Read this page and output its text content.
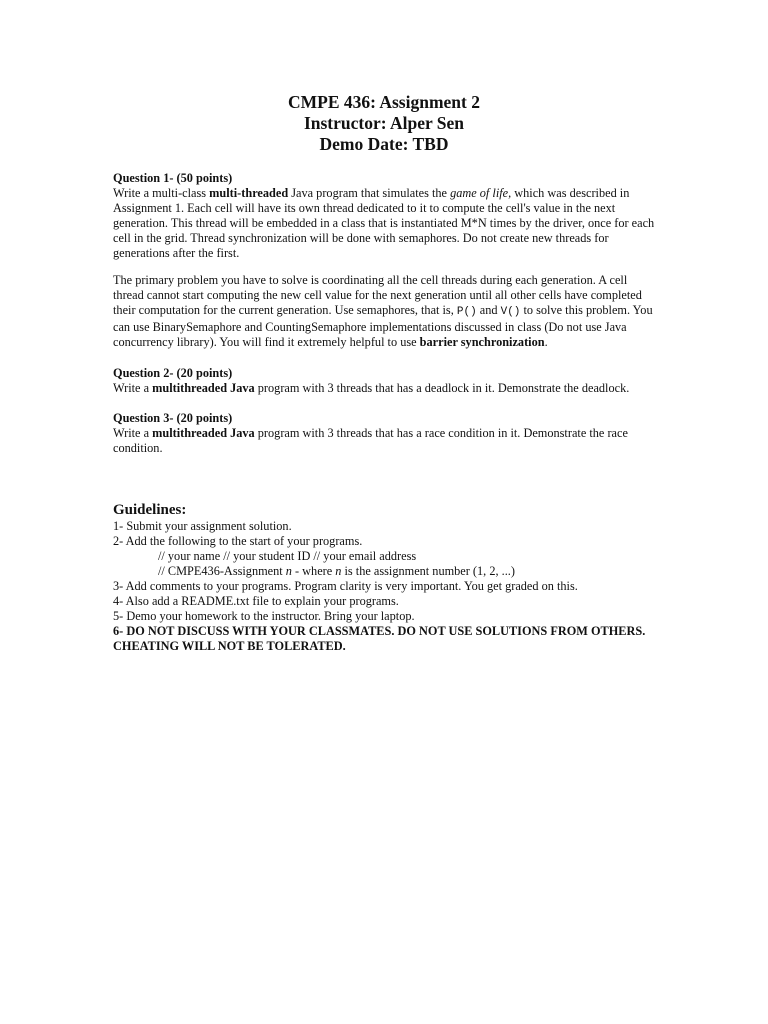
CMPE 436: Assignment 2
Instructor: Alper Sen
Demo Date: TBD
Question 1- (50 points)
Write a multi-class multi-threaded Java program that simulates the game of life, which was described in Assignment 1. Each cell will have its own thread dedicated to it to compute the cell's value in the next generation. This thread will be embedded in a class that is instantiated M*N times by the driver, once for each cell in the grid. Thread synchronization will be done with semaphores. Do not create new threads for generations after the first.
The primary problem you have to solve is coordinating all the cell threads during each generation. A cell thread cannot start computing the new cell value for the next generation until all other cells have completed their computation for the current generation. Use semaphores, that is, P() and V() to solve this problem. You can use BinarySemaphore and CountingSemaphore implementations discussed in class (Do not use Java concurrency library). You will find it extremely helpful to use barrier synchronization.
Question 2- (20 points)
Write a multithreaded Java program with 3 threads that has a deadlock in it. Demonstrate the deadlock.
Question 3- (20 points)
Write a multithreaded Java program with 3 threads that has a race condition in it. Demonstrate the race condition.
Guidelines:
1- Submit your assignment solution.
2- Add the following to the start of your programs.
// your name // your student ID // your email address
// CMPE436-Assignment n - where n is the assignment number (1, 2, ...)
3- Add comments to your programs. Program clarity is very important. You get graded on this.
4- Also add a README.txt file to explain your programs.
5- Demo your homework to the instructor. Bring your laptop.
6- DO NOT DISCUSS WITH YOUR CLASSMATES. DO NOT USE SOLUTIONS FROM OTHERS. CHEATING WILL NOT BE TOLERATED.
